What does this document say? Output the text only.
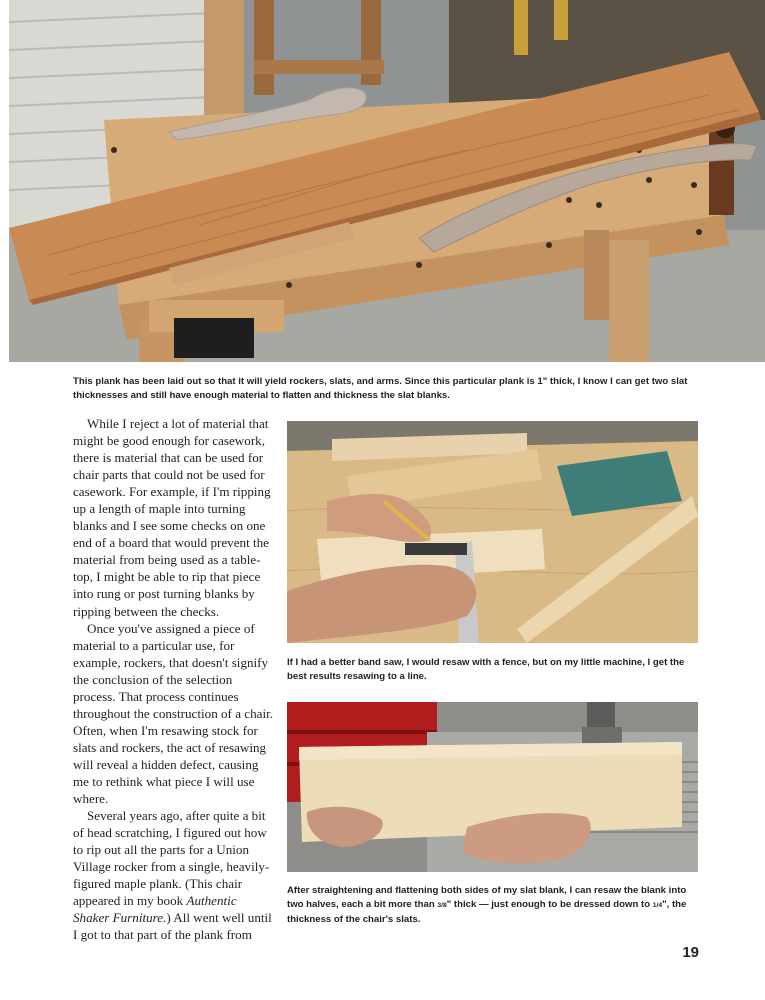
This plank has been laid out so that it will yield rockers, slats, and arms. Since this particular plank is 1" thick, I know I can get two slat thicknesses and still have enough material to flatten and thickness the slat blanks.

While I reject a lot of material that might be good enough for casework, there is material that can be used for chair parts that could not be used for casework. For example, if I'm ripping up a length of maple into turning blanks and I see some checks on one end of a board that would prevent the material from being used as a table-top, I might be able to rip that piece into rung or post turning blanks by ripping between the checks.

Once you've assigned a piece of material to a particular use, for example, rockers, that doesn't signify the conclusion of the selection process. That process continues throughout the construction of a chair. Often, when I'm resawing stock for slats and rockers, the act of resawing will reveal a hidden defect, causing me to rethink what piece I will use where.

Several years ago, after quite a bit of head scratching, I figured out how to rip out all the parts for a Union Village rocker from a single, heavily-figured maple plank. (This chair appeared in my book Authentic Shaker Furniture.) All went well until I got to that part of the plank from

If I had a better band saw, I would resaw with a fence, but on my little machine, I get the best results resawing to a line.
After straightening and flattening both sides of my slat blank, I can resaw the blank into two halves, each a bit more than 3/8" thick — just enough to be dressed down to 1/4", the thickness of the chair's slats.
19
